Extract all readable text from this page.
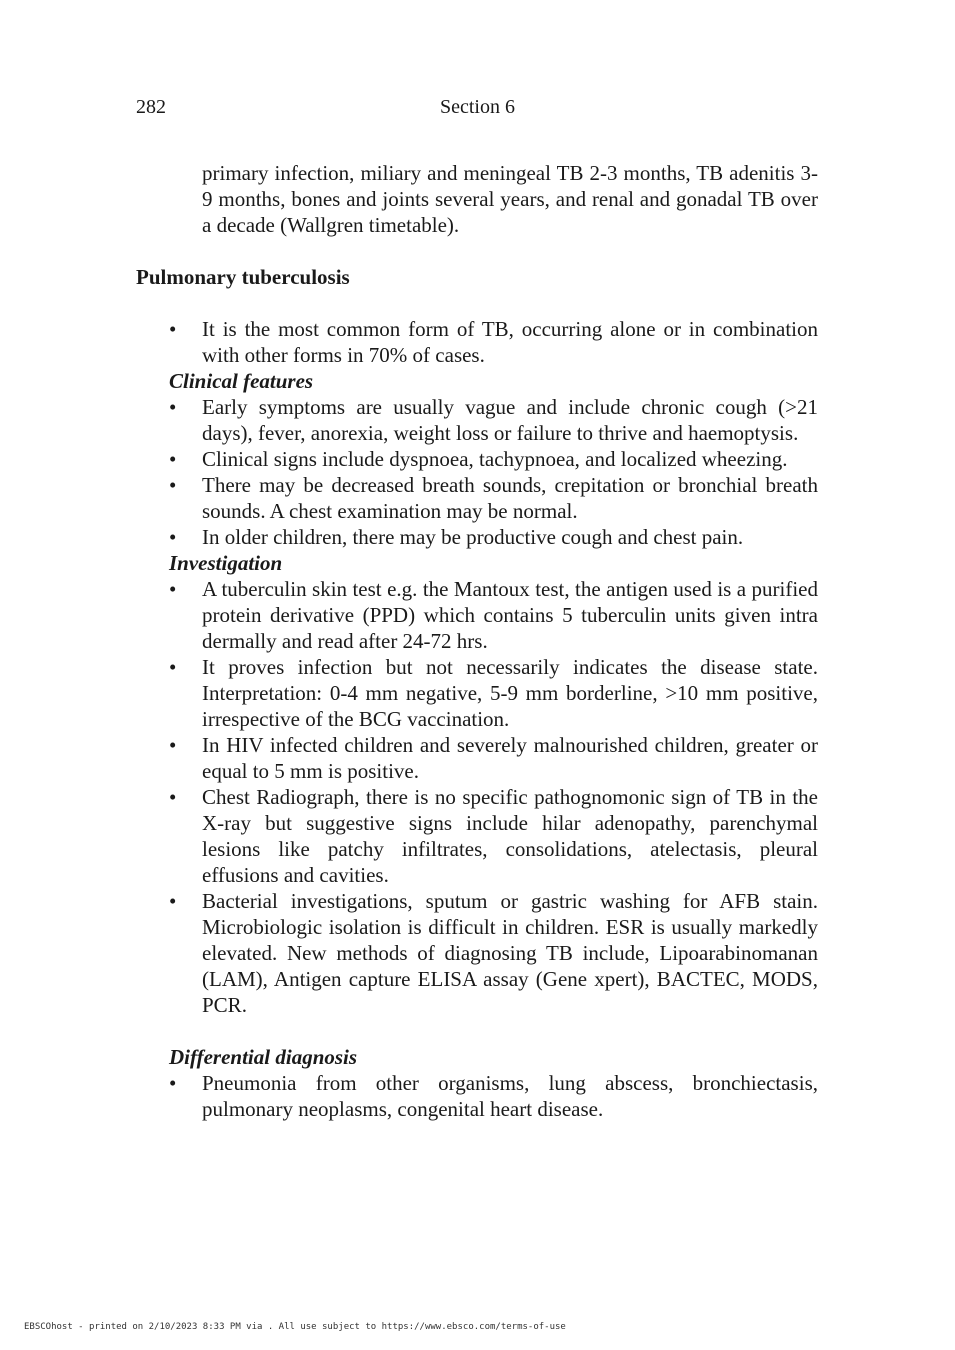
282	Section 6

primary infection, miliary and meningeal TB 2-3 months, TB adenitis 3-9 months, bones and joints several years, and renal and gonadal TB over a decade (Wallgren timetable).

Pulmonary tuberculosis
•	It is the most common form of TB, occurring alone or in combination with other forms in 70% of cases.
Clinical features
•	Early symptoms are usually vague and include chronic cough (>21 days), fever, anorexia, weight loss or failure to thrive and haemoptysis.
•	Clinical signs include dyspnoea, tachypnoea, and localized wheezing.
•	There may be decreased breath sounds, crepitation or bronchial breath sounds. A chest examination may be normal.
•	In older children, there may be productive cough and chest pain.
Investigation
•	A tuberculin skin test e.g. the Mantoux test, the antigen used is a purified protein derivative (PPD) which contains 5 tuberculin units given intra dermally and read after 24-72 hrs.
•	It proves infection but not necessarily indicates the disease state. Interpretation: 0-4 mm negative, 5-9 mm borderline, >10 mm positive, irrespective of the BCG vaccination.
•	In HIV infected children and severely malnourished children, greater or equal to 5 mm is positive.
•	Chest Radiograph, there is no specific pathognomonic sign of TB in the X-ray but suggestive signs include hilar adenopathy, parenchymal lesions like patchy infiltrates, consolidations, atelectasis, pleural effusions and cavities.
•	Bacterial investigations, sputum or gastric washing for AFB stain. Microbiologic isolation is difficult in children. ESR is usually markedly elevated. New methods of diagnosing TB include, Lipoarabinomanan (LAM), Antigen capture ELISA assay (Gene xpert), BACTEC, MODS, PCR.
Differential diagnosis
•	Pneumonia from other organisms, lung abscess, bronchiectasis, pulmonary neoplasms, congenital heart disease.
EBSCOhost - printed on 2/10/2023 8:33 PM via . All use subject to https://www.ebsco.com/terms-of-use
